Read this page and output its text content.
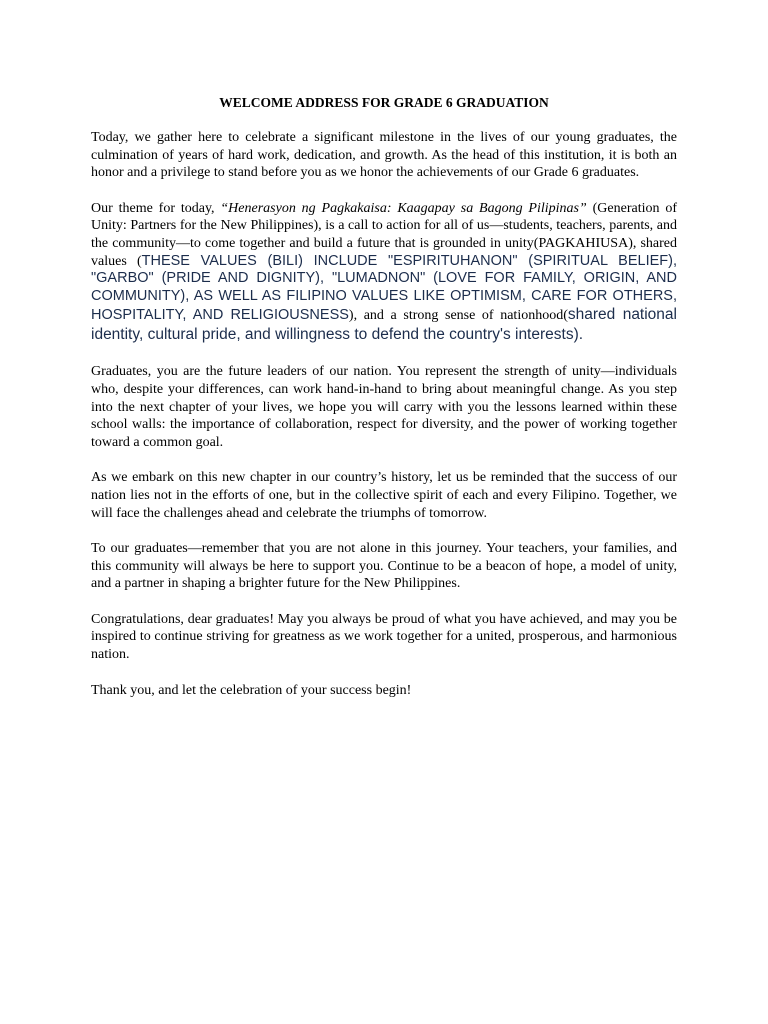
WELCOME ADDRESS FOR GRADE 6 GRADUATION

Today, we gather here to celebrate a significant milestone in the lives of our young graduates, the culmination of years of hard work, dedication, and growth. As the head of this institution, it is both an honor and a privilege to stand before you as we honor the achievements of our Grade 6 graduates.

Our theme for today, “Henerasyon ng Pagkakaisa: Kaagapay sa Bagong Pilipinas” (Generation of Unity: Partners for the New Philippines), is a call to action for all of us—students, teachers, parents, and the community—to come together and build a future that is grounded in unity(PAGKAHIUSA), shared values (THESE VALUES (BILI) INCLUDE "ESPIRITUHANON" (SPIRITUAL BELIEF), "GARBO" (PRIDE AND DIGNITY), "LUMADNON" (LOVE FOR FAMILY, ORIGIN, AND COMMUNITY), AS WELL AS FILIPINO VALUES LIKE OPTIMISM, CARE FOR OTHERS, HOSPITALITY, AND RELIGIOUSNESS), and a strong sense of nationhood(shared national identity, cultural pride, and willingness to defend the country's interests).

Graduates, you are the future leaders of our nation. You represent the strength of unity—individuals who, despite your differences, can work hand-in-hand to bring about meaningful change. As you step into the next chapter of your lives, we hope you will carry with you the lessons learned within these school walls: the importance of collaboration, respect for diversity, and the power of working together toward a common goal.

As we embark on this new chapter in our country’s history, let us be reminded that the success of our nation lies not in the efforts of one, but in the collective spirit of each and every Filipino. Together, we will face the challenges ahead and celebrate the triumphs of tomorrow.

To our graduates—remember that you are not alone in this journey. Your teachers, your families, and this community will always be here to support you. Continue to be a beacon of hope, a model of unity, and a partner in shaping a brighter future for the New Philippines.

Congratulations, dear graduates! May you always be proud of what you have achieved, and may you be inspired to continue striving for greatness as we work together for a united, prosperous, and harmonious nation.

Thank you, and let the celebration of your success begin!
